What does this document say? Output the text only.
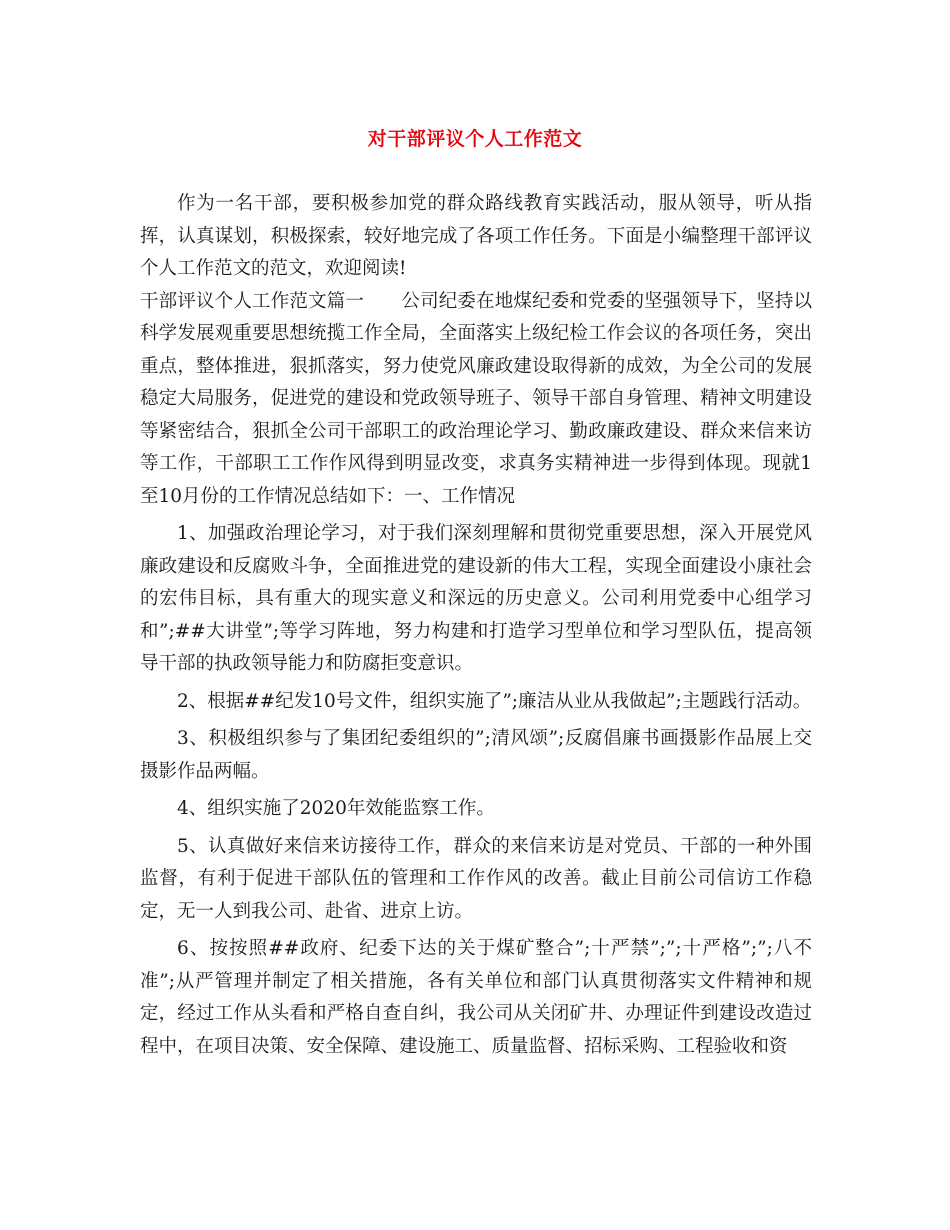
对干部评议个人工作范文

作为一名干部，要积极参加党的群众路线教育实践活动，服从领导，听从指挥，认真谋划，积极探索，较好地完成了各项工作任务。下面是小编整理干部评议个人工作范文的范文，欢迎阅读!

干部评议个人工作范文篇一　　公司纪委在地煤纪委和党委的坚强领导下，坚持以科学发展观重要思想统揽工作全局，全面落实上级纪检工作会议的各项任务，突出重点，整体推进，狠抓落实，努力使党风廉政建设取得新的成效，为全公司的发展稳定大局服务，促进党的建设和党政领导班子、领导干部自身管理、精神文明建设等紧密结合，狠抓全公司干部职工的政治理论学习、勤政廉政建设、群众来信来访等工作，干部职工工作作风得到明显改变，求真务实精神进一步得到体现。现就1至10月份的工作情况总结如下：一、工作情况

1、加强政治理论学习，对于我们深刻理解和贯彻党重要思想，深入开展党风廉政建设和反腐败斗争，全面推进党的建设新的伟大工程，实现全面建设小康社会的宏伟目标，具有重大的现实意义和深远的历史意义。公司利用党委中心组学习和”;##大讲堂”;等学习阵地，努力构建和打造学习型单位和学习型队伍，提高领导干部的执政领导能力和防腐拒变意识。

2、根据##纪发10号文件，组织实施了”;廉洁从业从我做起”;主题践行活动。

3、积极组织参与了集团纪委组织的”;清风颂”;反腐倡廉书画摄影作品展上交摄影作品两幅。

4、组织实施了2020年效能监察工作。

5、认真做好来信来访接待工作，群众的来信来访是对党员、干部的一种外围监督，有利于促进干部队伍的管理和工作作风的改善。截止目前公司信访工作稳定，无一人到我公司、赴省、进京上访。

6、按按照##政府、纪委下达的关于煤矿整合”;十严禁”;”;十严格”;”;八不准”;从严管理并制定了相关措施，各有关单位和部门认真贯彻落实文件精神和规定，经过工作从头看和严格自查自纠，我公司从关闭矿井、办理证件到建设改造过程中，在项目决策、安全保障、建设施工、质量监督、招标采购、工程验收和资
